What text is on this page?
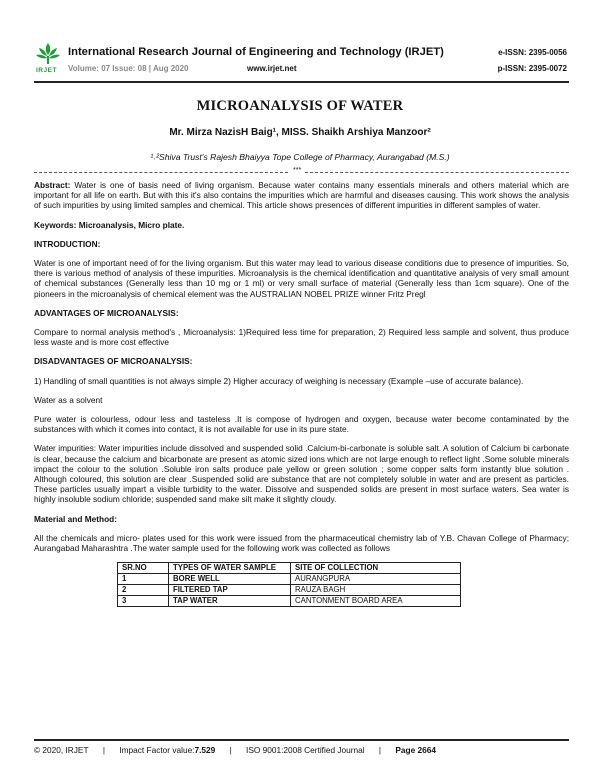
IRJET
International Research Journal of Engineering and Technology (IRJET)
Volume: 07 Issue: 08 | Aug 2020	www.irjet.net
e-ISSN: 2395-0056
p-ISSN: 2395-0072
MICROANALYSIS OF WATER
Mr. Mirza NazisH Baig¹, MISS. Shaikh Arshiya Manzoor²
¹˒²Shiva Trust's Rajesh Bhaiyya Tope College of Pharmacy, Aurangabad (M.S.)
***

Abstract: Water is one of basis need of living organism. Because water contains many essentials minerals and others material which are important for all life on earth. But with this it's also contains the impurities which are harmful and diseases causing. This work shows the analysis of such impurities by using limited samples and chemical. This article shows presences of different impurities in different samples of water.

Keywords: Microanalysis, Micro plate.

INTRODUCTION:

Water is one of important need of for the living organism. But this water may lead to various disease conditions due to presence of impurities. So, there is various method of analysis of these impurities. Microanalysis is the chemical identification and quantitative analysis of very small amount of chemical substances (Generally less than 10 mg or 1 ml) or very small surface of material (Generally less than 1cm square). One of the pioneers in the microanalysis of chemical element was the AUSTRALIAN NOBEL PRIZE winner Fritz Pregl

ADVANTAGES OF MICROANALYSIS:

Compare to normal analysis method's , Microanalysis: 1)Required less time for preparation, 2) Required less sample and solvent, thus produce less waste and is more cost effective

DISADVANTAGES OF MICROANALYSIS:

1) Handling of small quantities is not always simple 2) Higher accuracy of weighing is necessary (Example –use of accurate balance).

Water as a solvent

Pure water is colourless, odour less and tasteless .It is compose of hydrogen and oxygen, because water become contaminated by the substances with which it comes into contact, it is not available for use in its pure state.

Water impurities: Water impurities include dissolved and suspended solid .Calcium-bi-carbonate is soluble salt. A solution of Calcium bi carbonate is clear, because the calcium and bicarbonate are present as atomic sized ions which are not large enough to reflect light .Some soluble minerals impact the colour to the solution .Soluble iron salts produce pale yellow or green solution ; some copper salts form instantly blue solution . Although coloured, this solution are clear .Suspended solid are substance that are not completely soluble in water and are present as particles. These particles usually impart a visible turbidity to the water. Dissolve and suspended solids are present in most surface waters. Sea water is highly insoluble sodium chloride; suspended sand make silt make it slightly cloudy.

Material and Method:

All the chemicals and micro- plates used for this work were issued from the pharmaceutical chemistry lab of Y.B. Chavan College of Pharmacy; Aurangabad Maharashtra .The water sample used for the following work was collected as follows

SR.NO	TYPES OF WATER SAMPLE	SITE OF COLLECTION
1	BORE WELL	AURANGPURA
2	FILTERED TAP	RAUZA BAGH
3	TAP WATER	CANTONMENT BOARD AREA
© 2020, IRJET | Impact Factor value:7.529 | ISO 9001:2008 Certified Journal | Page 2664
